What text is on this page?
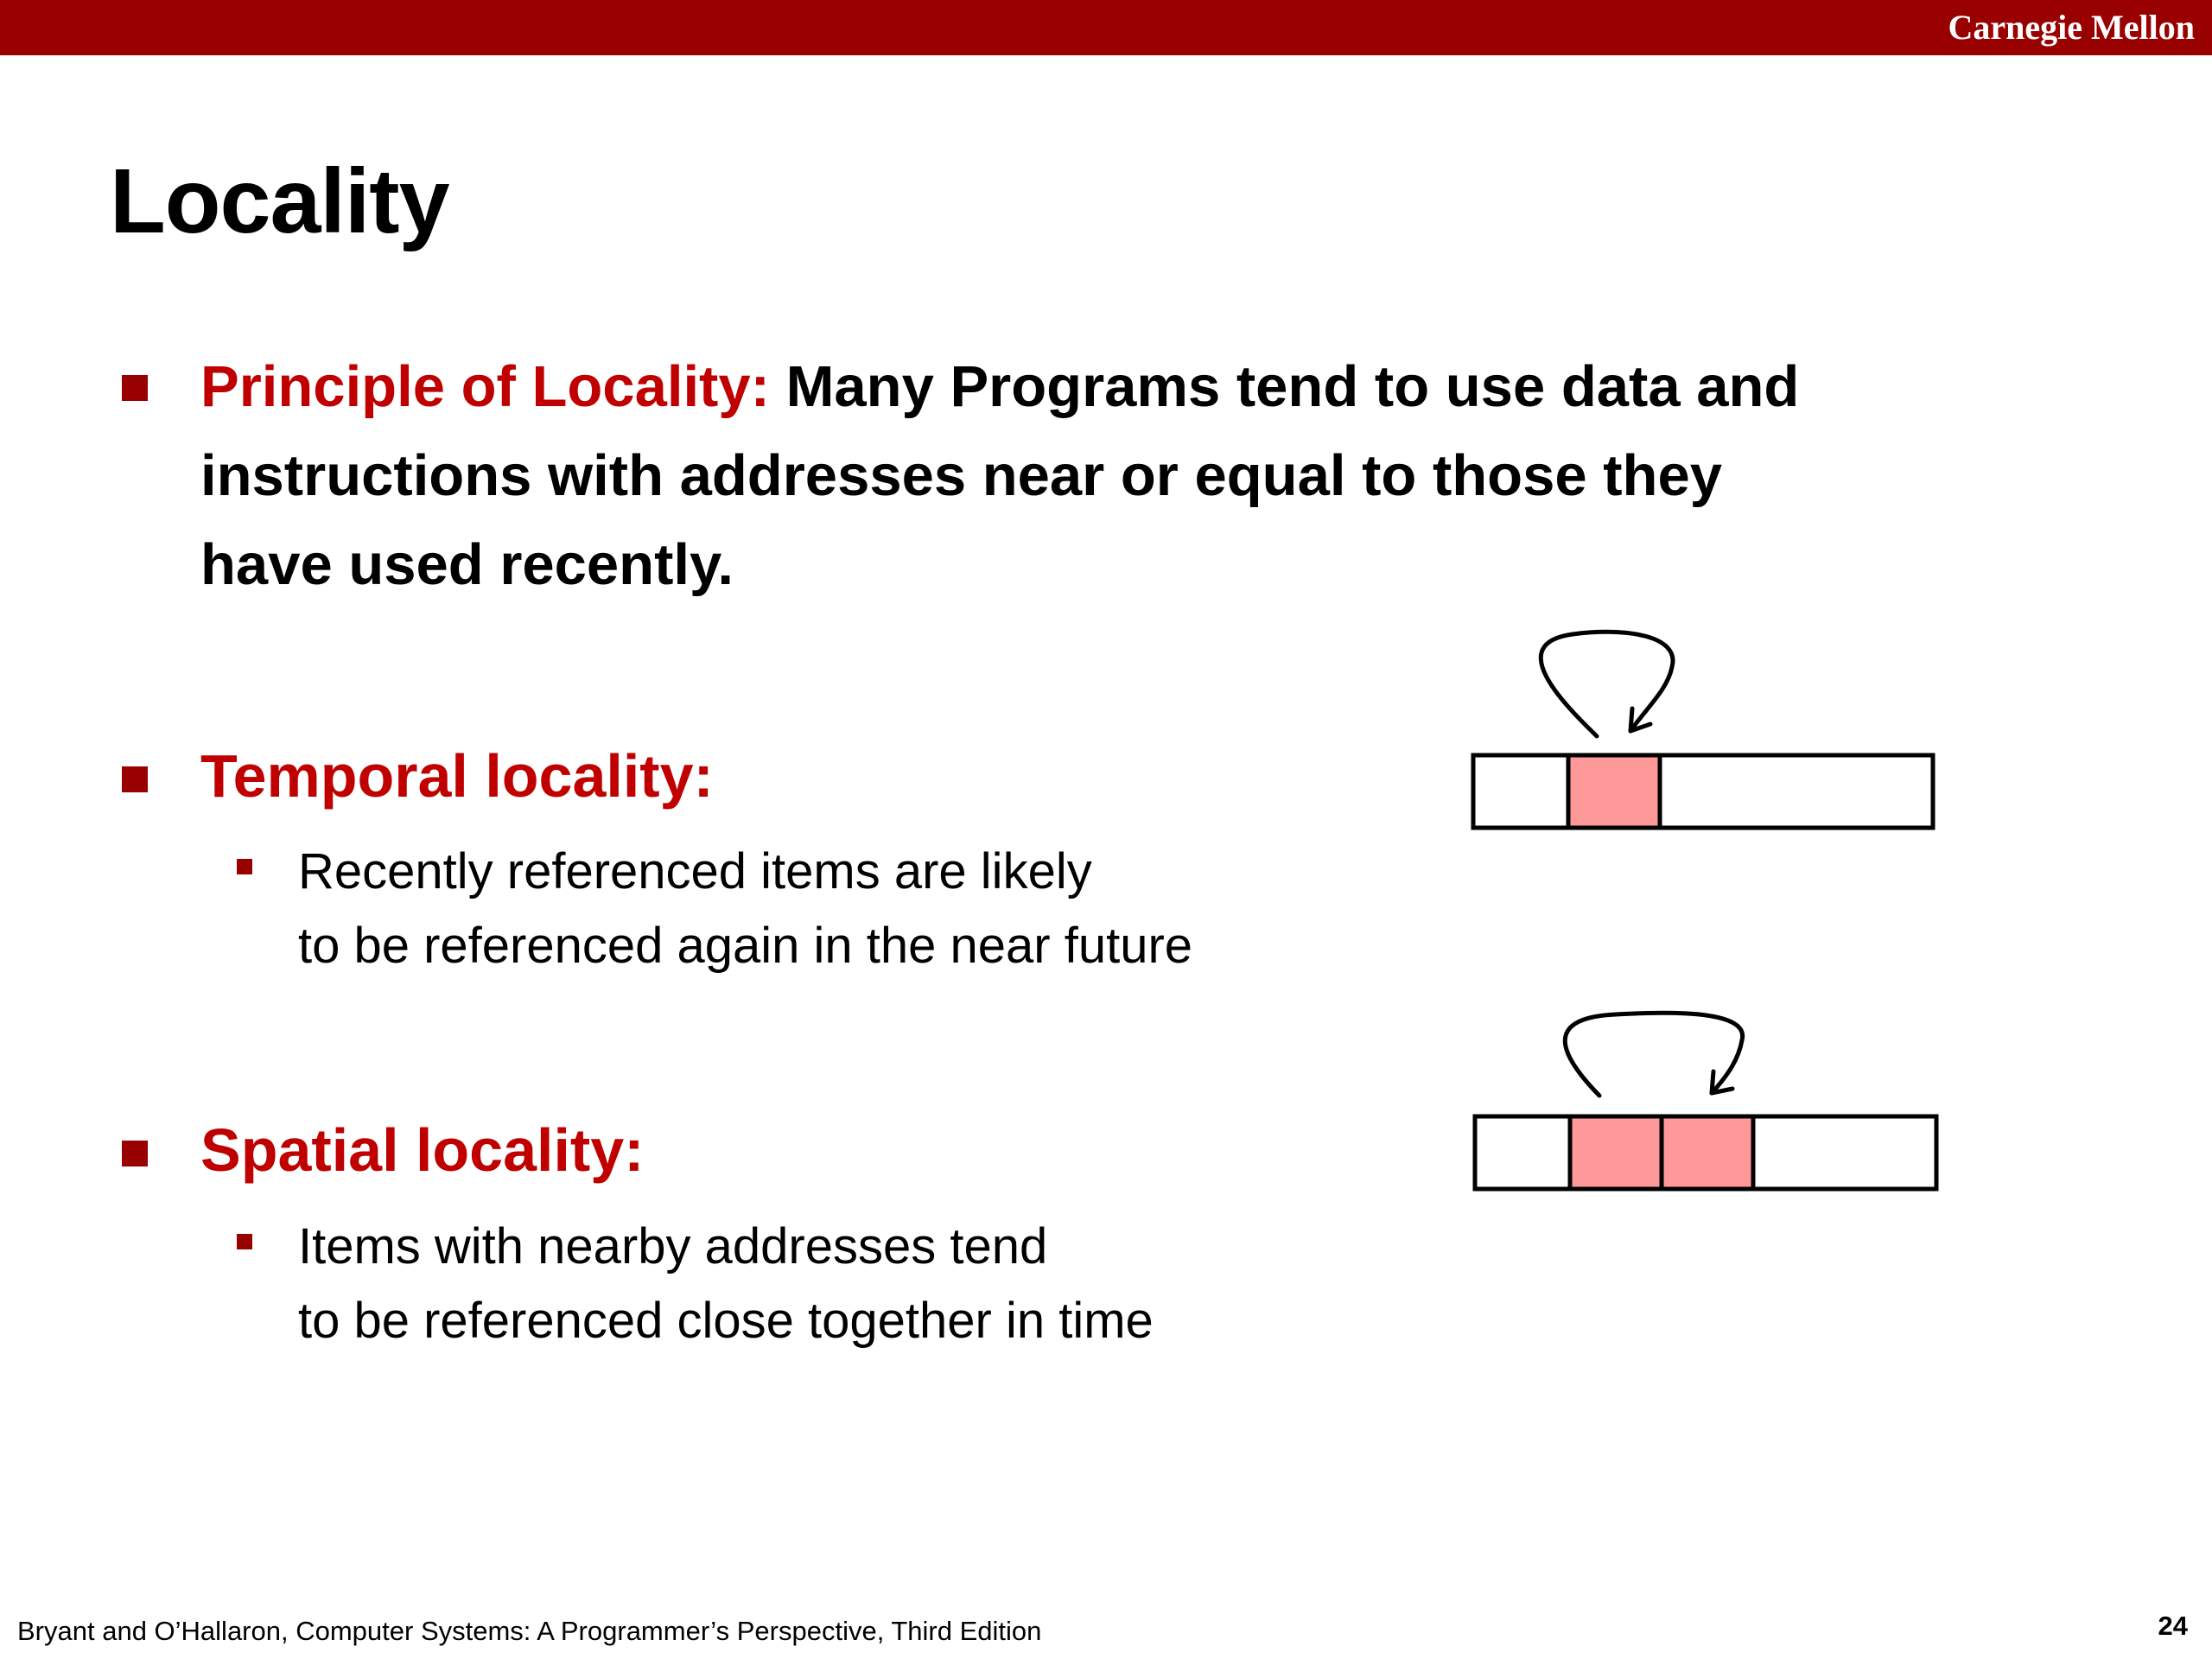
Carnegie Mellon
Locality
Principle of Locality: Many Programs tend to use data and
instructions with addresses near or equal to those they
have used recently.
Temporal locality:
Recently referenced items are likely
to be referenced again in the near future
Spatial locality:
Items with nearby addresses tend
to be referenced close together in time
Bryant and O’Hallaron, Computer Systems: A Programmer’s Perspective, Third Edition	24
